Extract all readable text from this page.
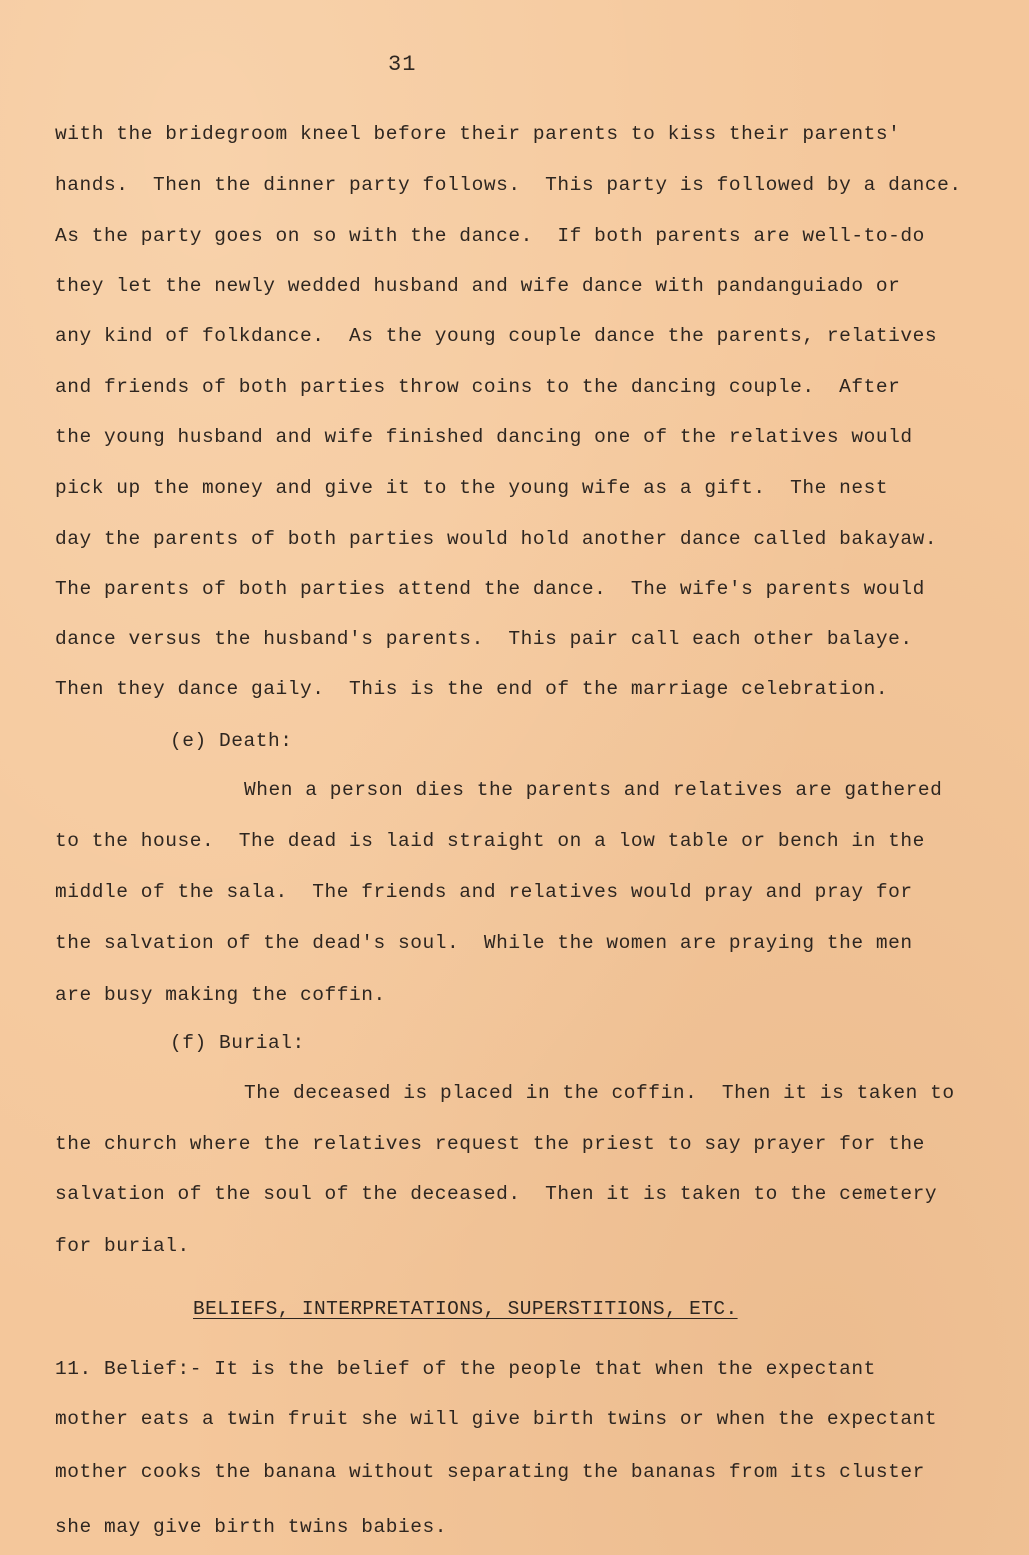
31
with the bridegroom kneel before their parents to kiss their parents'
hands.  Then the dinner party follows.  This party is followed by a dance.
As the party goes on so with the dance.  If both parents are well-to-do
they let the newly wedded husband and wife dance with pandanguiado or
any kind of folkdance.  As the young couple dance the parents, relatives
and friends of both parties throw coins to the dancing couple.  After
the young husband and wife finished dancing one of the relatives would
pick up the money and give it to the young wife as a gift.  The nest
day the parents of both parties would hold another dance called bakayaw.
The parents of both parties attend the dance.  The wife's parents would
dance versus the husband's parents.  This pair call each other balaye.
Then they dance gaily.  This is the end of the marriage celebration.
(e) Death:
When a person dies the parents and relatives are gathered
to the house.  The dead is laid straight on a low table or bench in the
middle of the sala.  The friends and relatives would pray and pray for
the salvation of the dead's soul.  While the women are praying the men
are busy making the coffin.
(f) Burial:
The deceased is placed in the coffin.  Then it is taken to
the church where the relatives request the priest to say prayer for the
salvation of the soul of the deceased.  Then it is taken to the cemetery
for burial.
BELIEFS, INTERPRETATIONS, SUPERSTITIONS, ETC.
11. Belief:- It is the belief of the people that when the expectant
mother eats a twin fruit she will give birth twins or when the expectant
mother cooks the banana without separating the bananas from its cluster
she may give birth twins babies.
